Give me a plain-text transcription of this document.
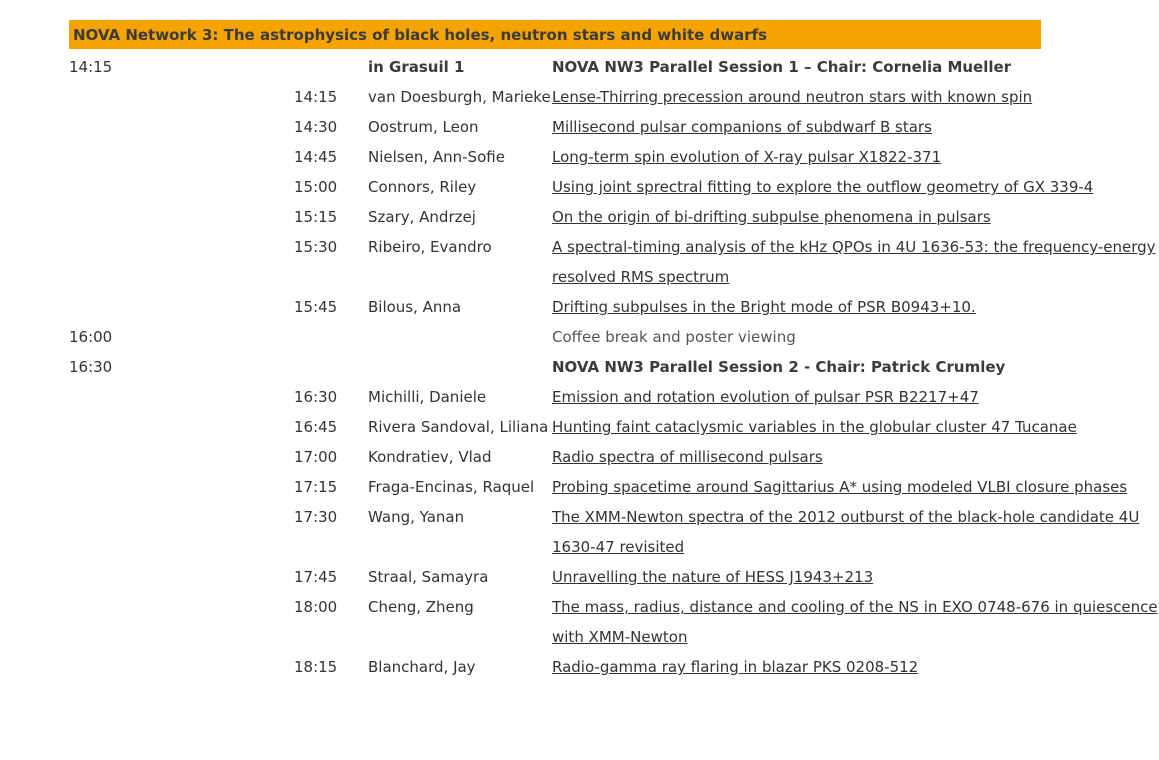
NOVA Network 3: The astrophysics of black holes, neutron stars and white dwarfs
14:15		in Grasuil 1	NOVA NW3 Parallel Session 1 – Chair: Cornelia Mueller
	14:15	van Doesburgh, Marieke	Lense-Thirring precession around neutron stars with known spin
	14:30	Oostrum, Leon	Millisecond pulsar companions of subdwarf B stars
	14:45	Nielsen, Ann-Sofie	Long-term spin evolution of X-ray pulsar X1822-371
	15:00	Connors, Riley	Using joint sprectral fitting to explore the outflow geometry of GX 339-4
	15:15	Szary, Andrzej	On the origin of bi-drifting subpulse phenomena in pulsars
	15:30	Ribeiro, Evandro	A spectral-timing analysis of the kHz QPOs in 4U 1636-53: the frequency-energy resolved RMS spectrum
	15:45	Bilous, Anna	Drifting subpulses in the Bright mode of PSR B0943+10.
16:00			Coffee break and poster viewing
16:30			NOVA NW3 Parallel Session 2 - Chair: Patrick Crumley
	16:30	Michilli, Daniele	Emission and rotation evolution of pulsar PSR B2217+47
	16:45	Rivera Sandoval, Liliana	Hunting faint cataclysmic variables in the globular cluster 47 Tucanae
	17:00	Kondratiev, Vlad	Radio spectra of millisecond pulsars
	17:15	Fraga-Encinas, Raquel	Probing spacetime around Sagittarius A* using modeled VLBI closure phases
	17:30	Wang, Yanan	The XMM-Newton spectra of the 2012 outburst of the black-hole candidate 4U 1630-47 revisited
	17:45	Straal, Samayra	Unravelling the nature of HESS J1943+213
	18:00	Cheng, Zheng	The mass, radius, distance and cooling of the NS in EXO 0748-676 in quiescence with XMM-Newton
	18:15	Blanchard, Jay	Radio-gamma ray flaring in blazar PKS 0208-512
